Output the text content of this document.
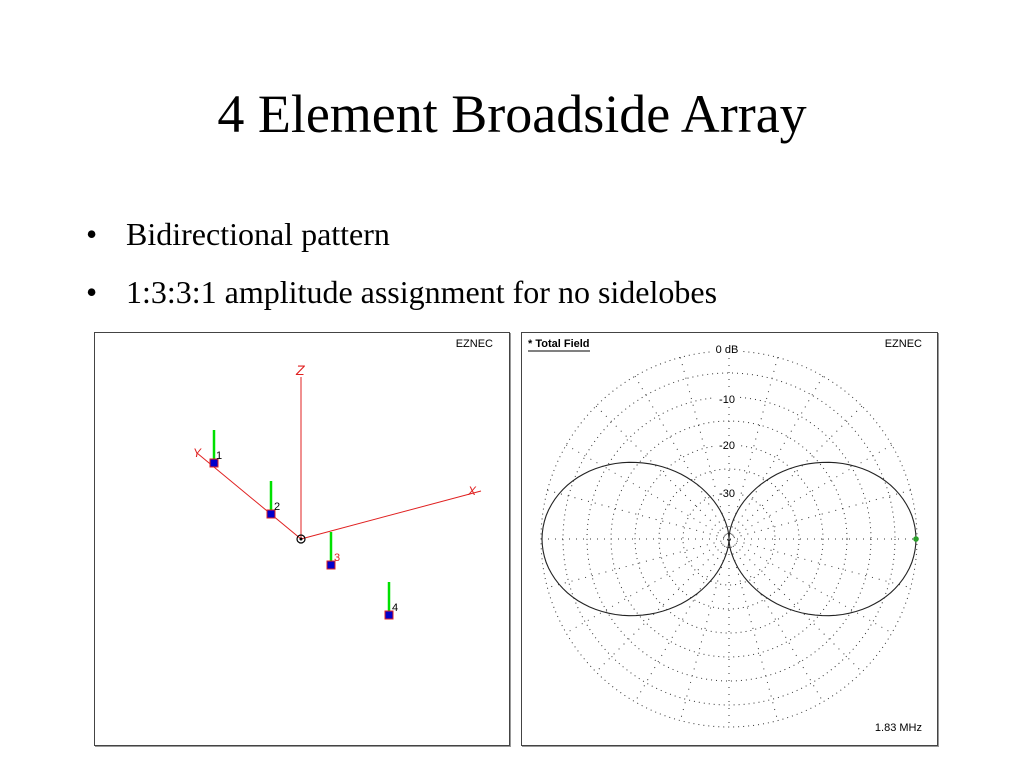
4 Element Broadside Array
• Bidirectional pattern
• 1:3:3:1 amplitude assignment for no sidelobes
EZNEC
Z
Y
X
1
2
3
4
0 dB
-10
-20
-30
* Total Field	EZNEC
1.83 MHz
